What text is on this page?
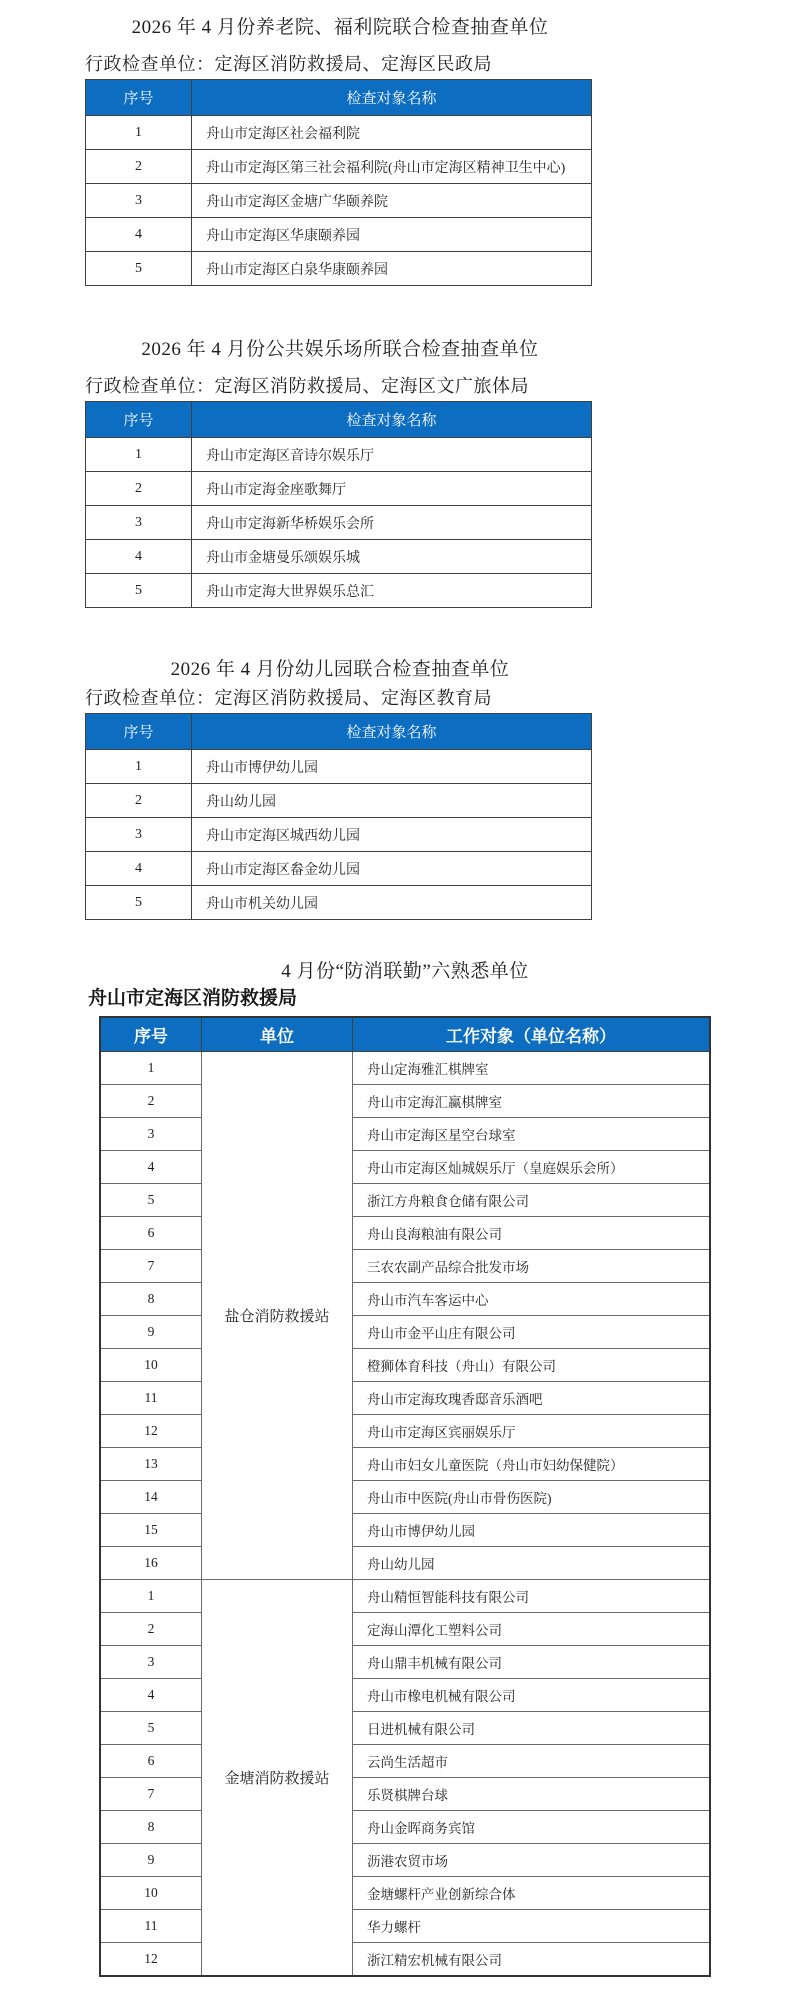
2026 年 4 月份养老院、福利院联合检查抽查单位
行政检查单位：定海区消防救援局、定海区民政局
序号	检查对象名称
1	舟山市定海区社会福利院
2	舟山市定海区第三社会福利院(舟山市定海区精神卫生中心)
3	舟山市定海区金塘广华颐养院
4	舟山市定海区华康颐养园
5	舟山市定海区白泉华康颐养园
2026 年 4 月份公共娱乐场所联合检查抽查单位
行政检查单位：定海区消防救援局、定海区文广旅体局
序号	检查对象名称
1	舟山市定海区音诗尔娱乐厅
2	舟山市定海金座歌舞厅
3	舟山市定海新华桥娱乐会所
4	舟山市金塘曼乐颂娱乐城
5	舟山市定海大世界娱乐总汇
2026 年 4 月份幼儿园联合检查抽查单位
行政检查单位：定海区消防救援局、定海区教育局
序号	检查对象名称
1	舟山市博伊幼儿园
2	舟山幼儿园
3	舟山市定海区城西幼儿园
4	舟山市定海区畚金幼儿园
5	舟山市机关幼儿园
4 月份“防消联勤”六熟悉单位
舟山市定海区消防救援局
序号	单位	工作对象（单位名称）
1	盐仓消防救援站	舟山定海雅汇棋牌室
2		舟山市定海汇赢棋牌室
3		舟山市定海区星空台球室
4		舟山市定海区灿城娱乐厅（皇庭娱乐会所）
5		浙江方舟粮食仓储有限公司
6		舟山良海粮油有限公司
7		三农农副产品综合批发市场
8		舟山市汽车客运中心
9		舟山市金平山庄有限公司
10		橙狮体育科技（舟山）有限公司
11		舟山市定海玫瑰香邸音乐酒吧
12		舟山市定海区宾丽娱乐厅
13		舟山市妇女儿童医院（舟山市妇幼保健院）
14		舟山市中医院(舟山市骨伤医院)
15		舟山市博伊幼儿园
16		舟山幼儿园
1	金塘消防救援站	舟山精恒智能科技有限公司
2		定海山潭化工塑料公司
3		舟山鼎丰机械有限公司
4		舟山市橡电机械有限公司
5		日进机械有限公司
6		云尚生活超市
7		乐贤棋牌台球
8		舟山金晖商务宾馆
9		沥港农贸市场
10		金塘螺杆产业创新综合体
11		华力螺杆
12		浙江精宏机械有限公司
